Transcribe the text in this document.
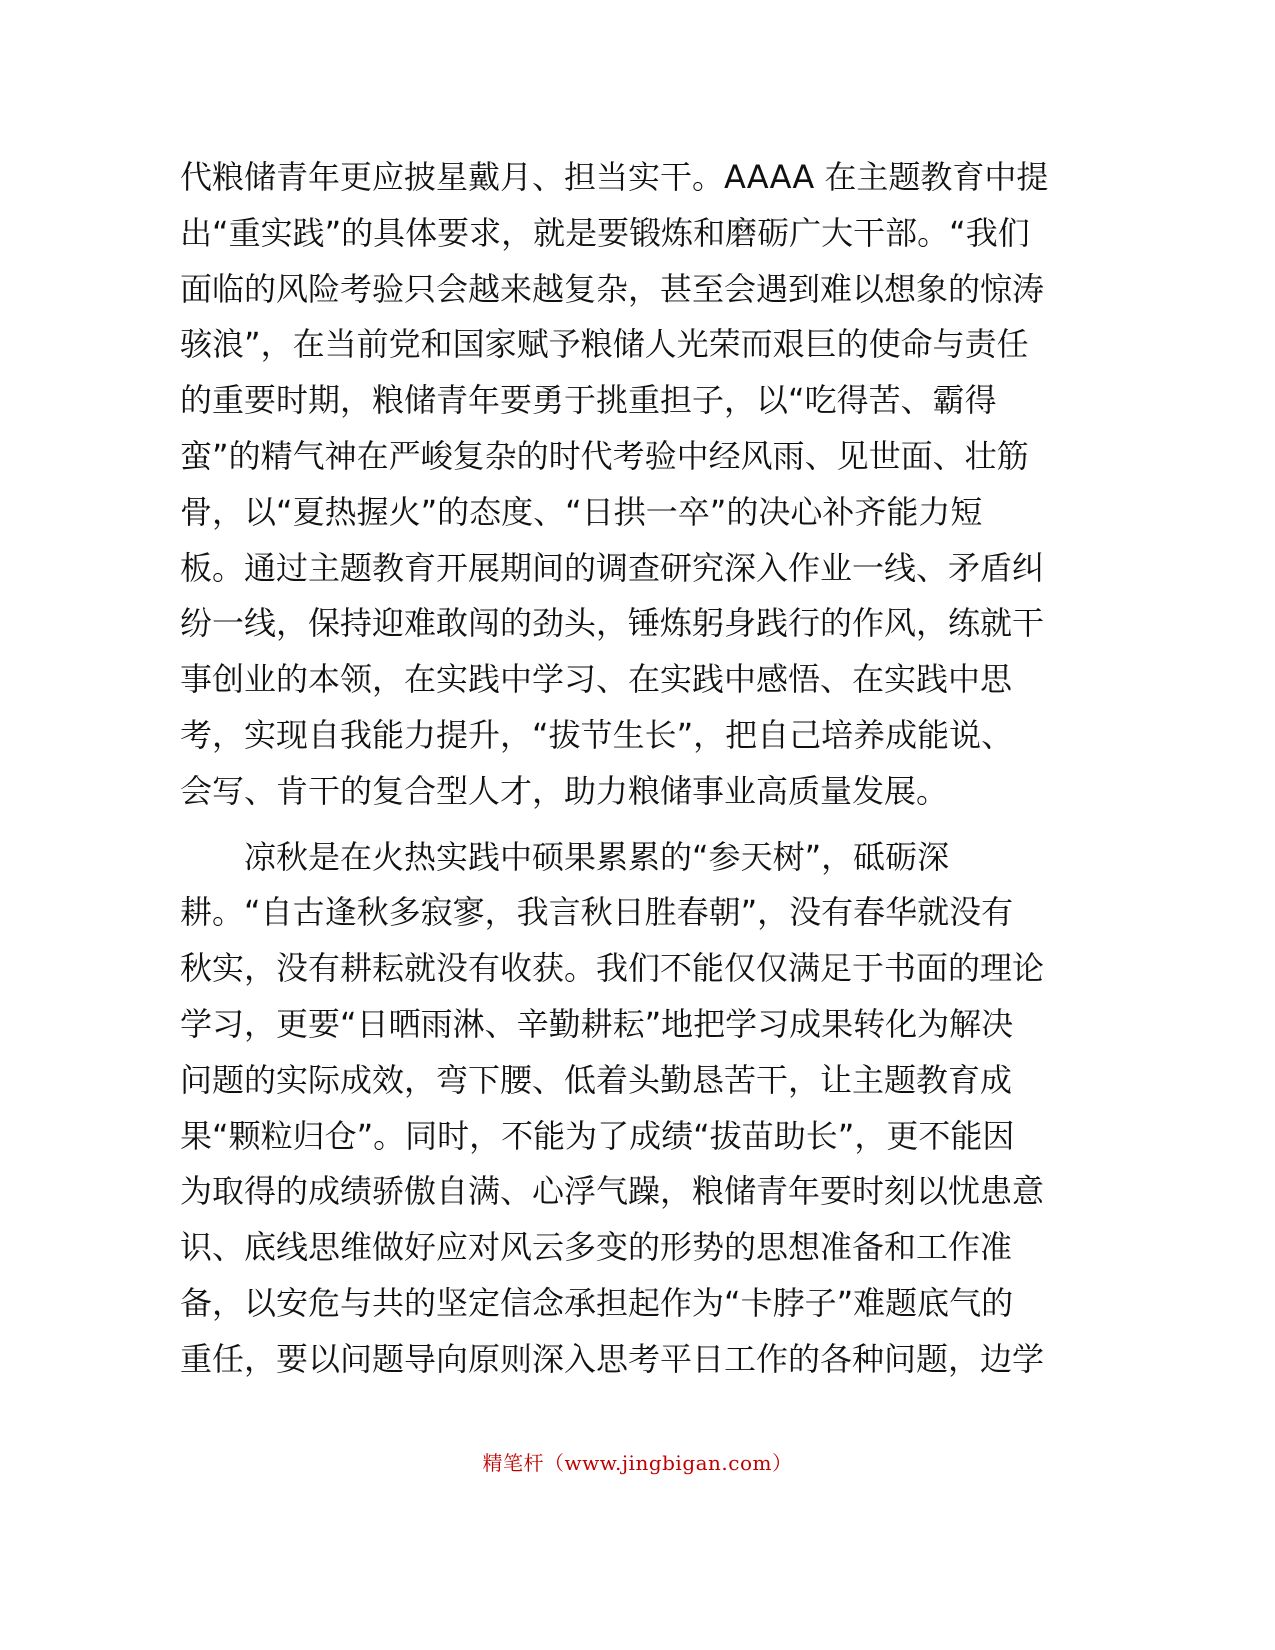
代粮储青年更应披星戴月、担当实干。AAAA 在主题教育中提
出“重实践”的具体要求，就是要锻炼和磨砺广大干部。“我们
面临的风险考验只会越来越复杂，甚至会遇到难以想象的惊涛
骇浪”，在当前党和国家赋予粮储人光荣而艰巨的使命与责任
的重要时期，粮储青年要勇于挑重担子，以“吃得苦、霸得
蛮”的精气神在严峻复杂的时代考验中经风雨、见世面、壮筋
骨，以“夏热握火”的态度、“日拱一卒”的决心补齐能力短
板。通过主题教育开展期间的调查研究深入作业一线、矛盾纠
纷一线，保持迎难敢闯的劲头，锤炼躬身践行的作风，练就干
事创业的本领，在实践中学习、在实践中感悟、在实践中思
考，实现自我能力提升，“拔节生长”，把自己培养成能说、
会写、肯干的复合型人才，助力粮储事业高质量发展。
凉秋是在火热实践中硕果累累的“参天树”，砥砺深
耕。“自古逢秋多寂寥，我言秋日胜春朝”，没有春华就没有
秋实，没有耕耘就没有收获。我们不能仅仅满足于书面的理论
学习，更要“日晒雨淋、辛勤耕耘”地把学习成果转化为解决
问题的实际成效，弯下腰、低着头勤恳苦干，让主题教育成
果“颗粒归仓”。同时，不能为了成绩“拔苗助长”，更不能因
为取得的成绩骄傲自满、心浮气躁，粮储青年要时刻以忧患意
识、底线思维做好应对风云多变的形势的思想准备和工作准
备，以安危与共的坚定信念承担起作为“卡脖子”难题底气的
重任，要以问题导向原则深入思考平日工作的各种问题，边学
精笔杆（www.jingbigan.com）
